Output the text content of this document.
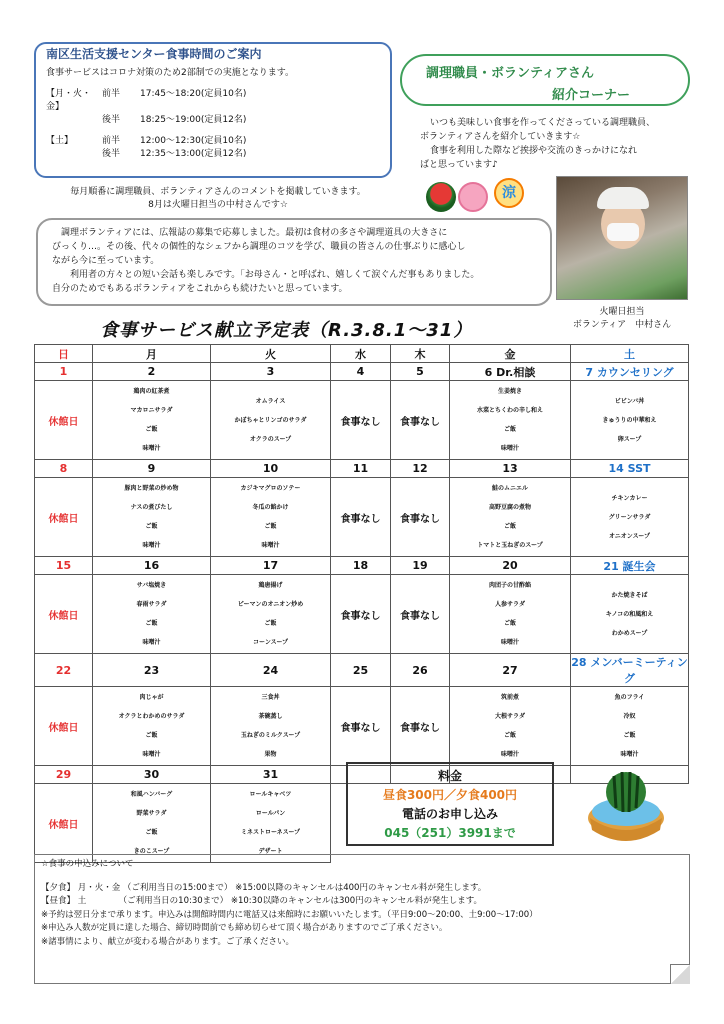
南区生活支援センター食事時間のご案内
食事サービスはコロナ対策のため2部制での実施となります。
【月・火・金】
前半	17:45～18:20(定員10名)
後半	18:25～19:00(定員12名)
【土】	前半	12:00～12:30(定員10名)
後半	12:35～13:00(定員12名)
毎月順番に調理職員、ボランティアさんのコメントを掲載していきます。
8月は火曜日担当の中村さんです☆
調理職員・ボランティアさん
紹介コーナー
いつも美味しい食事を作ってくださっている調理職員、
ボランティアさんを紹介していきます☆
食事を利用した際など挨拶や交流のきっかけになれ
ばと思っています♪
涼
火曜日担当
ボランティア　中村さん
調理ボランティアには、広報誌の募集で応募しました。最初は食材の多さや調理道具の大きさに
びっくり…。その後、代々の個性的なシェフから調理のコツを学び、職員の皆さんの仕事ぶりに感心し
ながら今に至っています。
利用者の方々との短い会話も楽しみです。「お母さん・と呼ばれ、嬉しくて涙ぐんだ事もありました。
自分のためでもあるボランティアをこれからも続けたいと思っています。
食事サービス献立予定表（R.3.8.1～31）
日	月	火	水	木	金	土
1	2	3	4	5	6 Dr.相談	7 カウンセリング
休館日	鶏肉の紅茶煮
マカロニサラダ
ご飯
味噌汁	オムライス
かぼちゃとリンゴのサラダ
オクラのスープ	食事なし	食事なし	生姜焼き
水菜とちくわの辛し和え
ご飯
味噌汁	ビビンバ丼
きゅうりの中華和え
卵スープ

8	9	10	11	12	13	14 SST
休館日	豚肉と野菜の炒め物
ナスの煮びたし
ご飯
味噌汁	カジキマグロのソテー
冬瓜の餡かけ
ご飯
味噌汁	食事なし	食事なし	鮭のムニエル
高野豆腐の煮物
ご飯
トマトと玉ねぎのスープ	チキンカレー
グリーンサラダ
オニオンスープ

15	16	17	18	19	20	21 誕生会
休館日	サバ塩焼き
春雨サラダ
ご飯
味噌汁	鶏唐揚げ
ピーマンのオニオン炒め
ご飯
コーンスープ	食事なし	食事なし	肉団子の甘酢餡
人参サラダ
ご飯
味噌汁	かた焼きそば
キノコの和風和え
わかめスープ

22	23	24	25	26	27	28 メンバーミーティング
休館日	肉じゃが
オクラとわかめのサラダ
ご飯
味噌汁	三食丼
茶碗蒸し
玉ねぎのミルクスープ
果物	食事なし	食事なし	筑前煮
大根サラダ
ご飯
味噌汁	魚のフライ
冷奴
ご飯
味噌汁

29	30	31				
休館日	和風ハンバーグ
野菜サラダ
ご飯
きのこスープ	ロールキャベツ
ロールパン
ミネストローネスープ
デザート				

料金
昼食300円／夕食400円
電話のお申し込み
045（251）3991まで
☆食事の申込みについて
【夕食】 月・火・金 （ご利用当日の15:00まで） ※15:00以降のキャンセルは400円のキャンセル料が発生します。
【昼食】 土 　　　　（ご利用当日の10:30まで） ※10:30以降のキャンセルは300円のキャンセル料が発生します。
※予約は翌日分まで承ります。申込みは開館時間内に電話又は来館時にお願いいたします。（平日9:00～20:00、土9:00～17:00）
※申込み人数が定員に達した場合、締切時間前でも締め切らせて頂く場合がありますのでご了承ください。
※諸事情により、献立が変わる場合があります。ご了承ください。
